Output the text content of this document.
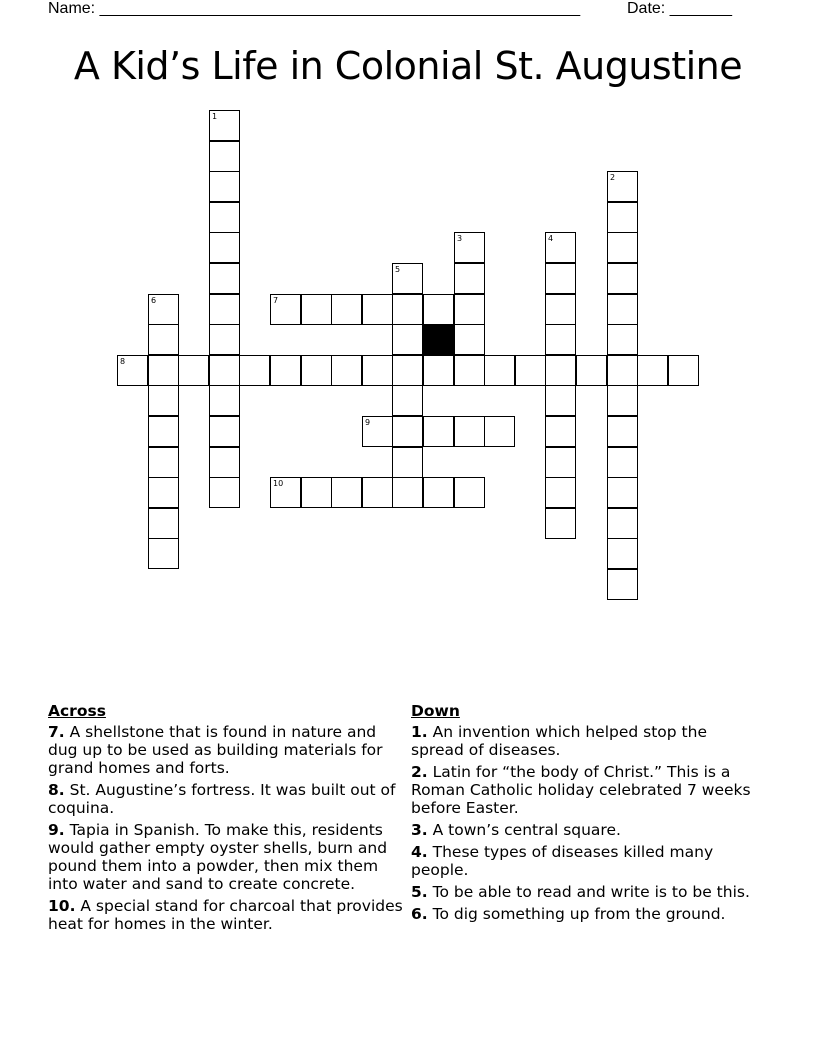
Name: ______________________________________________________	Date: _______
A Kid’s Life in Colonial St. Augustine
1
2
3	4
5
6	7
8
9
10
Across
7. A shellstone that is found in nature and dug up to be used as building materials for grand homes and forts.
8. St. Augustine’s fortress. It was built out of coquina.
9. Tapia in Spanish. To make this, residents would gather empty oyster shells, burn and pound them into a powder, then mix them into water and sand to create concrete.
10. A special stand for charcoal that provides heat for homes in the winter.
Down
1. An invention which helped stop the spread of diseases.
2. Latin for “the body of Christ.” This is a Roman Catholic holiday celebrated 7 weeks before Easter.
3. A town’s central square.
4. These types of diseases killed many people.
5. To be able to read and write is to be this.
6. To dig something up from the ground.
